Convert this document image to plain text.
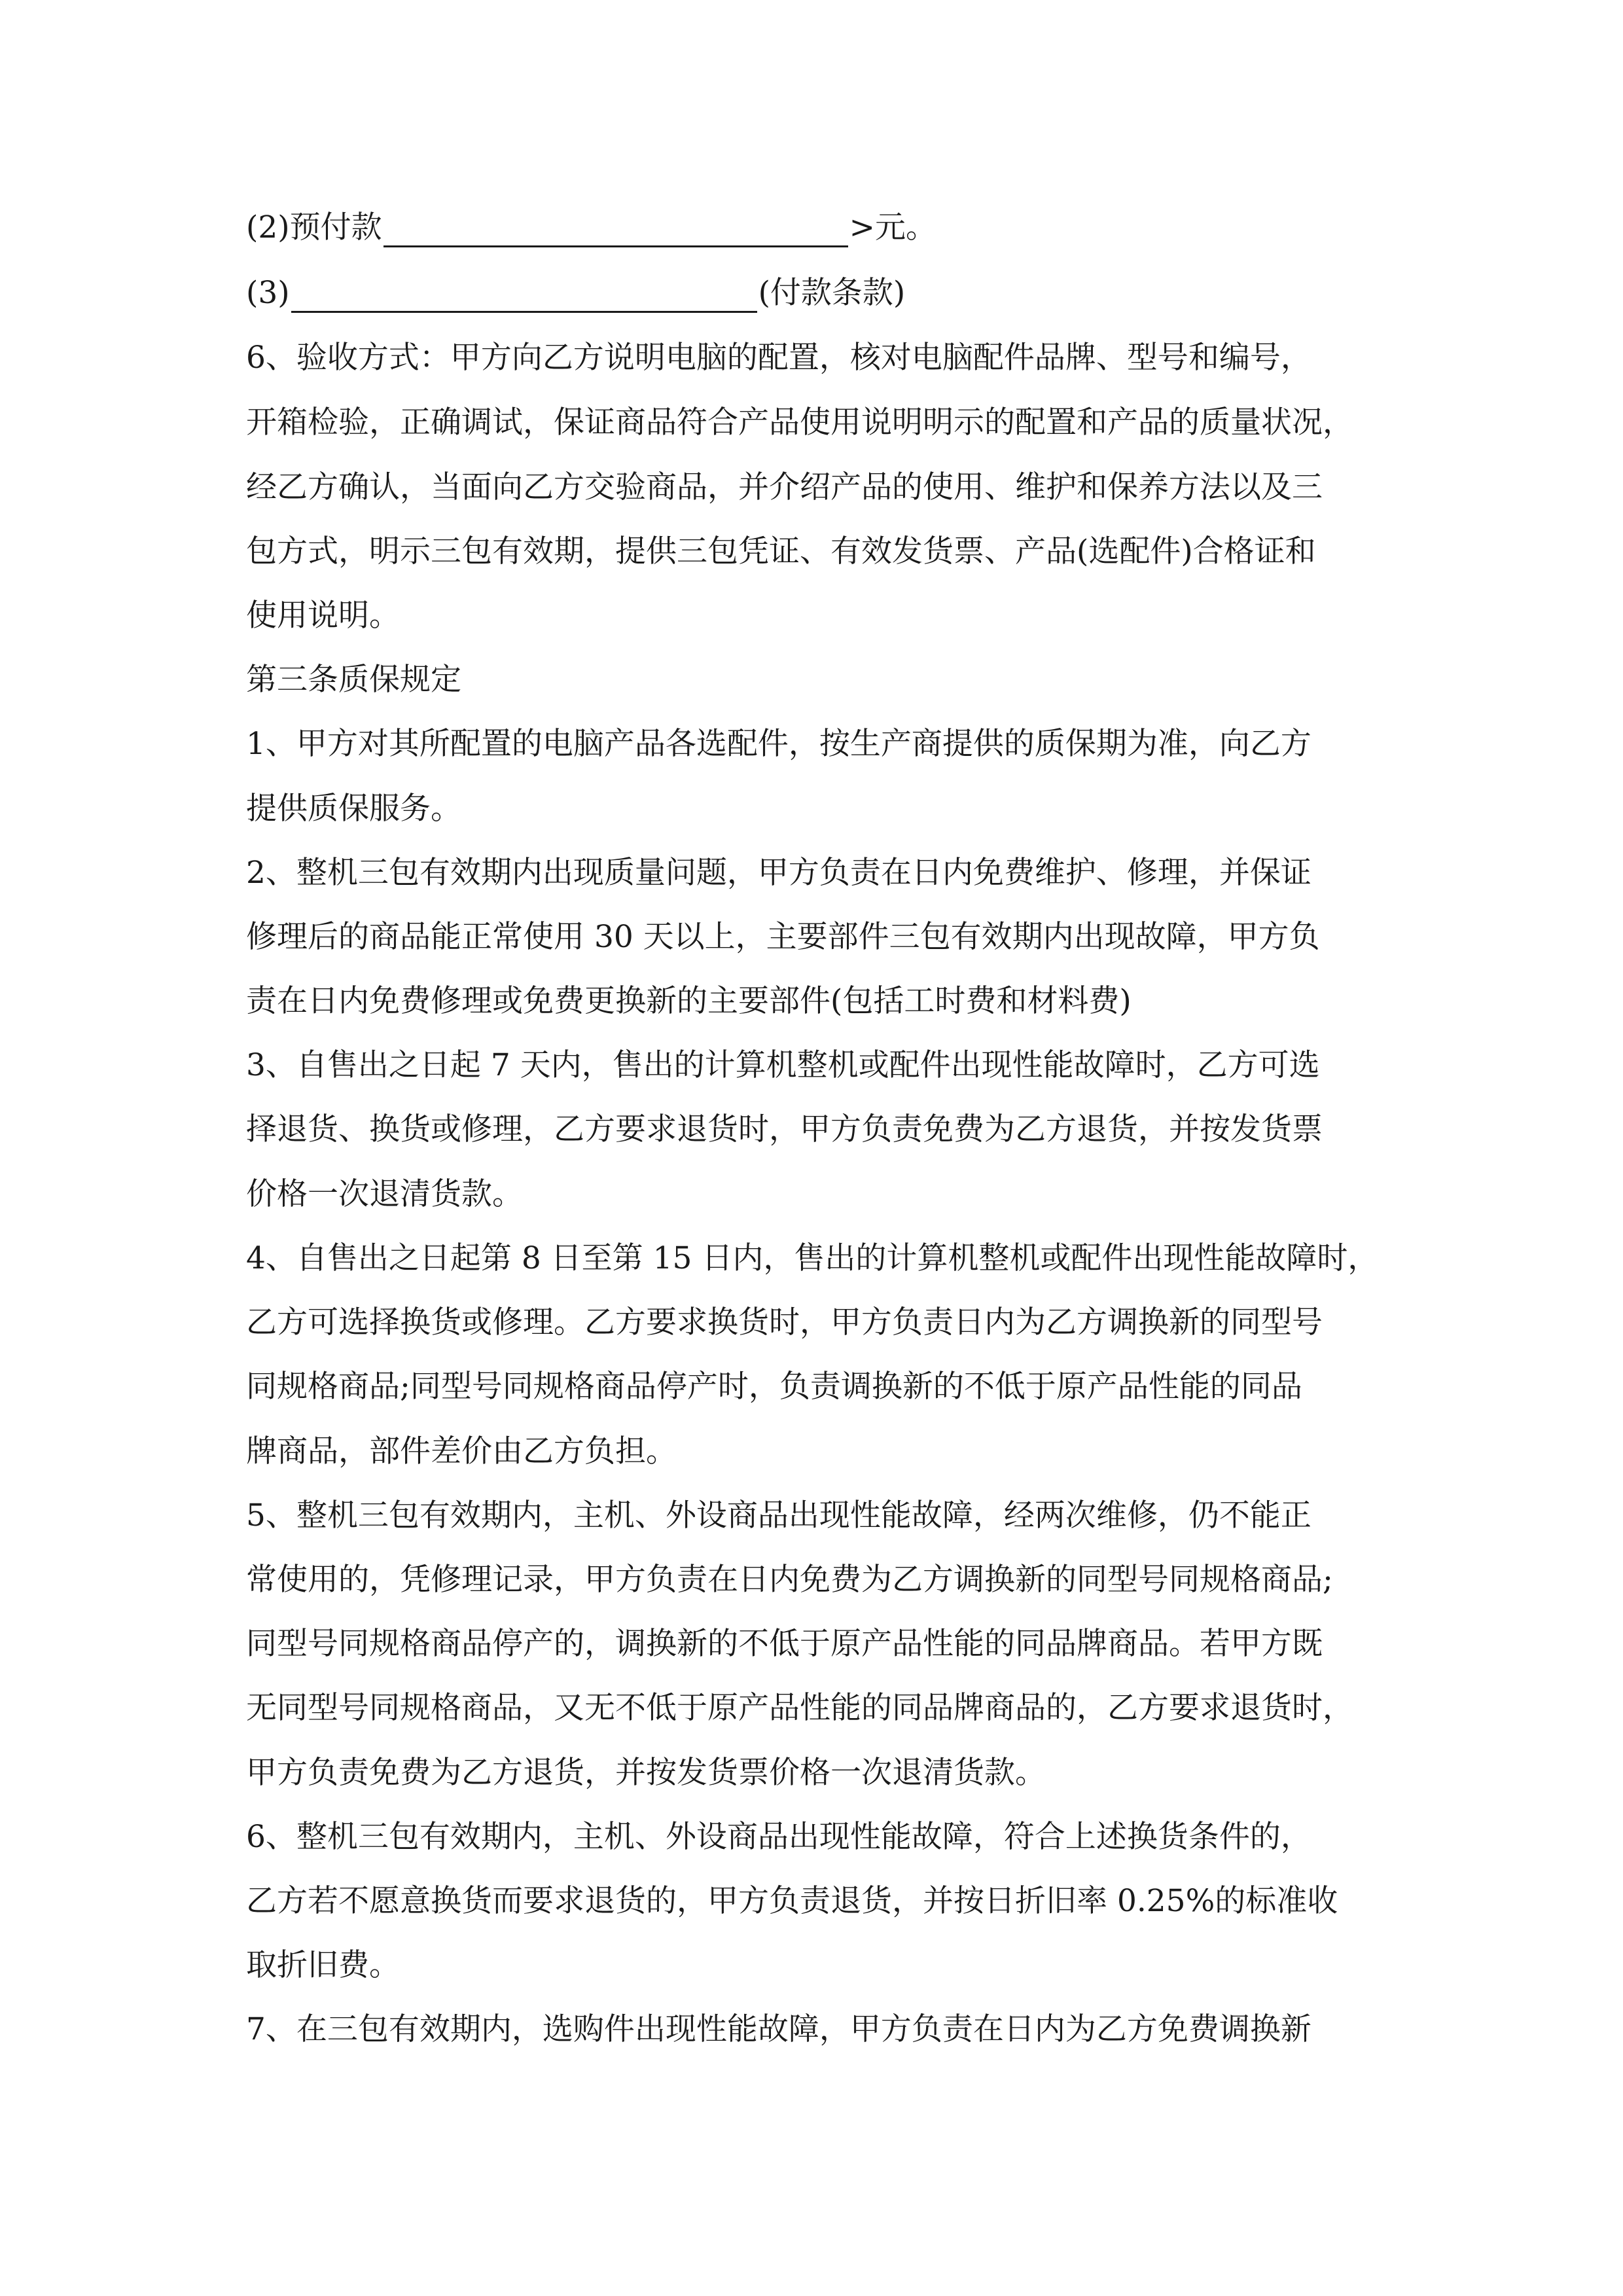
(2)预付款	>元。
(3)	(付款条款)
6、验收方式：甲方向乙方说明电脑的配置，核对电脑配件品牌、型号和编号，
开箱检验，正确调试，保证商品符合产品使用说明明示的配置和产品的质量状况，
经乙方确认，当面向乙方交验商品，并介绍产品的使用、维护和保养方法以及三
包方式，明示三包有效期，提供三包凭证、有效发货票、产品(选配件)合格证和
使用说明。
第三条质保规定
1、甲方对其所配置的电脑产品各选配件，按生产商提供的质保期为准，向乙方
提供质保服务。
2、整机三包有效期内出现质量问题，甲方负责在日内免费维护、修理，并保证
修理后的商品能正常使用 30 天以上，主要部件三包有效期内出现故障，甲方负
责在日内免费修理或免费更换新的主要部件(包括工时费和材料费)
3、自售出之日起 7 天内，售出的计算机整机或配件出现性能故障时，乙方可选
择退货、换货或修理，乙方要求退货时，甲方负责免费为乙方退货，并按发货票
价格一次退清货款。
4、自售出之日起第 8 日至第 15 日内，售出的计算机整机或配件出现性能故障时，
乙方可选择换货或修理。乙方要求换货时，甲方负责日内为乙方调换新的同型号
同规格商品;同型号同规格商品停产时，负责调换新的不低于原产品性能的同品
牌商品，部件差价由乙方负担。
5、整机三包有效期内，主机、外设商品出现性能故障，经两次维修，仍不能正
常使用的，凭修理记录，甲方负责在日内免费为乙方调换新的同型号同规格商品;
同型号同规格商品停产的，调换新的不低于原产品性能的同品牌商品。若甲方既
无同型号同规格商品，又无不低于原产品性能的同品牌商品的，乙方要求退货时，
甲方负责免费为乙方退货，并按发货票价格一次退清货款。
6、整机三包有效期内，主机、外设商品出现性能故障，符合上述换货条件的，
乙方若不愿意换货而要求退货的，甲方负责退货，并按日折旧率 0.25%的标准收
取折旧费。
7、在三包有效期内，选购件出现性能故障，甲方负责在日内为乙方免费调换新
